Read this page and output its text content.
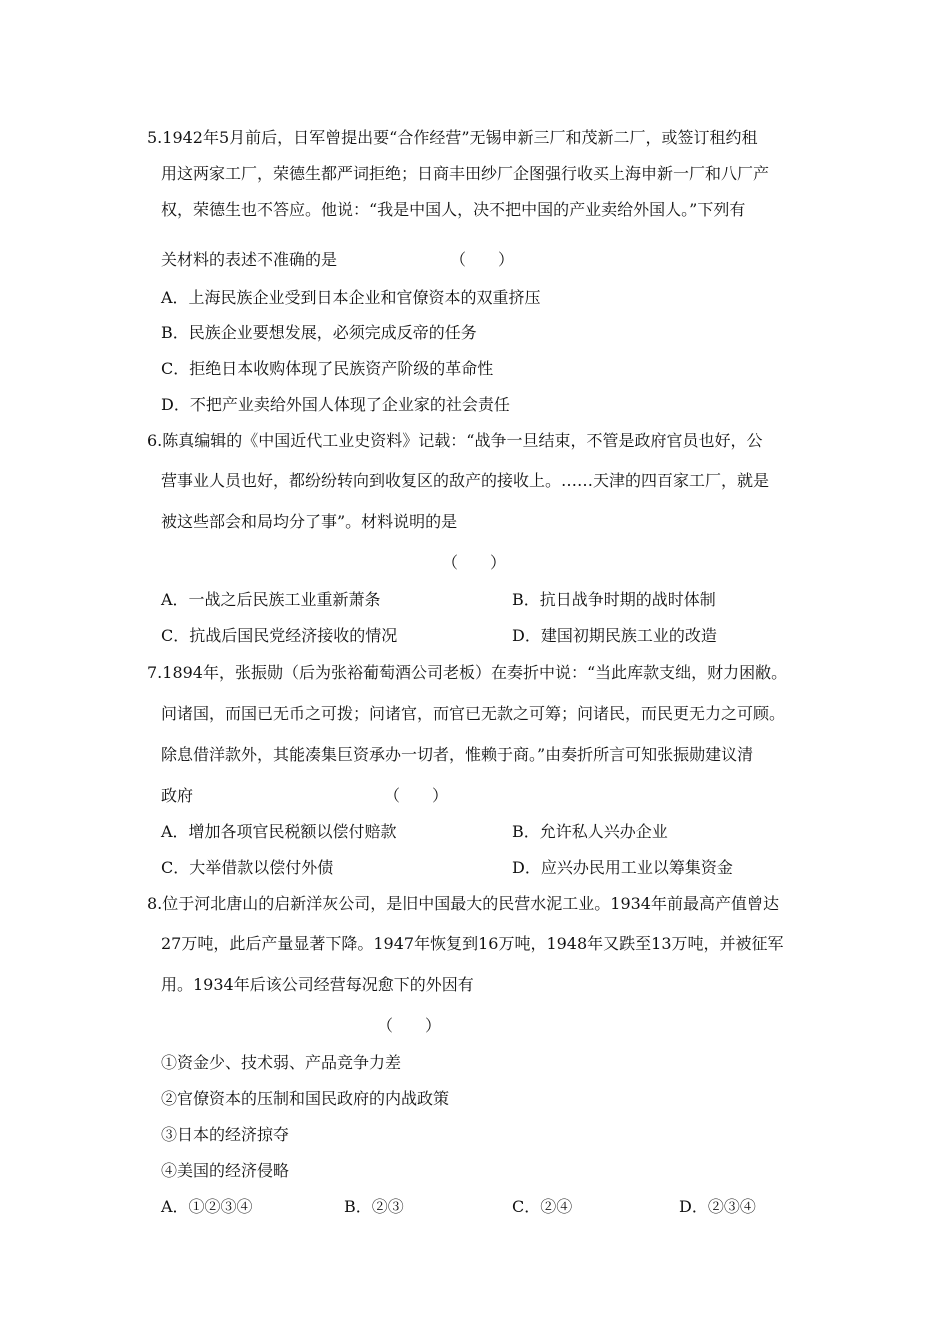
5.1942年5月前后，日军曾提出要“合作经营”无锡申新三厂和茂新二厂，或签订租约租
用这两家工厂，荣德生都严词拒绝；日商丰田纱厂企图强行收买上海申新一厂和八厂产
权，荣德生也不答应。他说：“我是中国人，决不把中国的产业卖给外国人。”下列有
关材料的表述不准确的是	（　　）
A．上海民族企业受到日本企业和官僚资本的双重挤压
B．民族企业要想发展，必须完成反帝的任务
C．拒绝日本收购体现了民族资产阶级的革命性
D．不把产业卖给外国人体现了企业家的社会责任
6.陈真编辑的《中国近代工业史资料》记载：“战争一旦结束，不管是政府官员也好，公
营事业人员也好，都纷纷转向到收复区的敌产的接收上。……天津的四百家工厂，就是
被这些部会和局均分了事”。材料说明的是
（　　）
A．一战之后民族工业重新萧条	B．抗日战争时期的战时体制
C．抗战后国民党经济接收的情况	D．建国初期民族工业的改造
7.1894年，张振勋（后为张裕葡萄酒公司老板）在奏折中说：“当此库款支绌，财力困敝。
问诸国，而国已无币之可拨；问诸官，而官已无款之可筹；问诸民，而民更无力之可顾。
除息借洋款外，其能凑集巨资承办一切者，惟赖于商。”由奏折所言可知张振勋建议清
政府	（　　）
A．增加各项官民税额以偿付赔款	B．允许私人兴办企业
C．大举借款以偿付外债	D．应兴办民用工业以筹集资金
8.位于河北唐山的启新洋灰公司，是旧中国最大的民营水泥工业。1934年前最高产值曾达
27万吨，此后产量显著下降。1947年恢复到16万吨，1948年又跌至13万吨，并被征军
用。1934年后该公司经营每况愈下的外因有
（　　）
①资金少、技术弱、产品竞争力差
②官僚资本的压制和国民政府的内战政策
③日本的经济掠夺
④美国的经济侵略
A．①②③④	B．②③	C．②④	D．②③④
